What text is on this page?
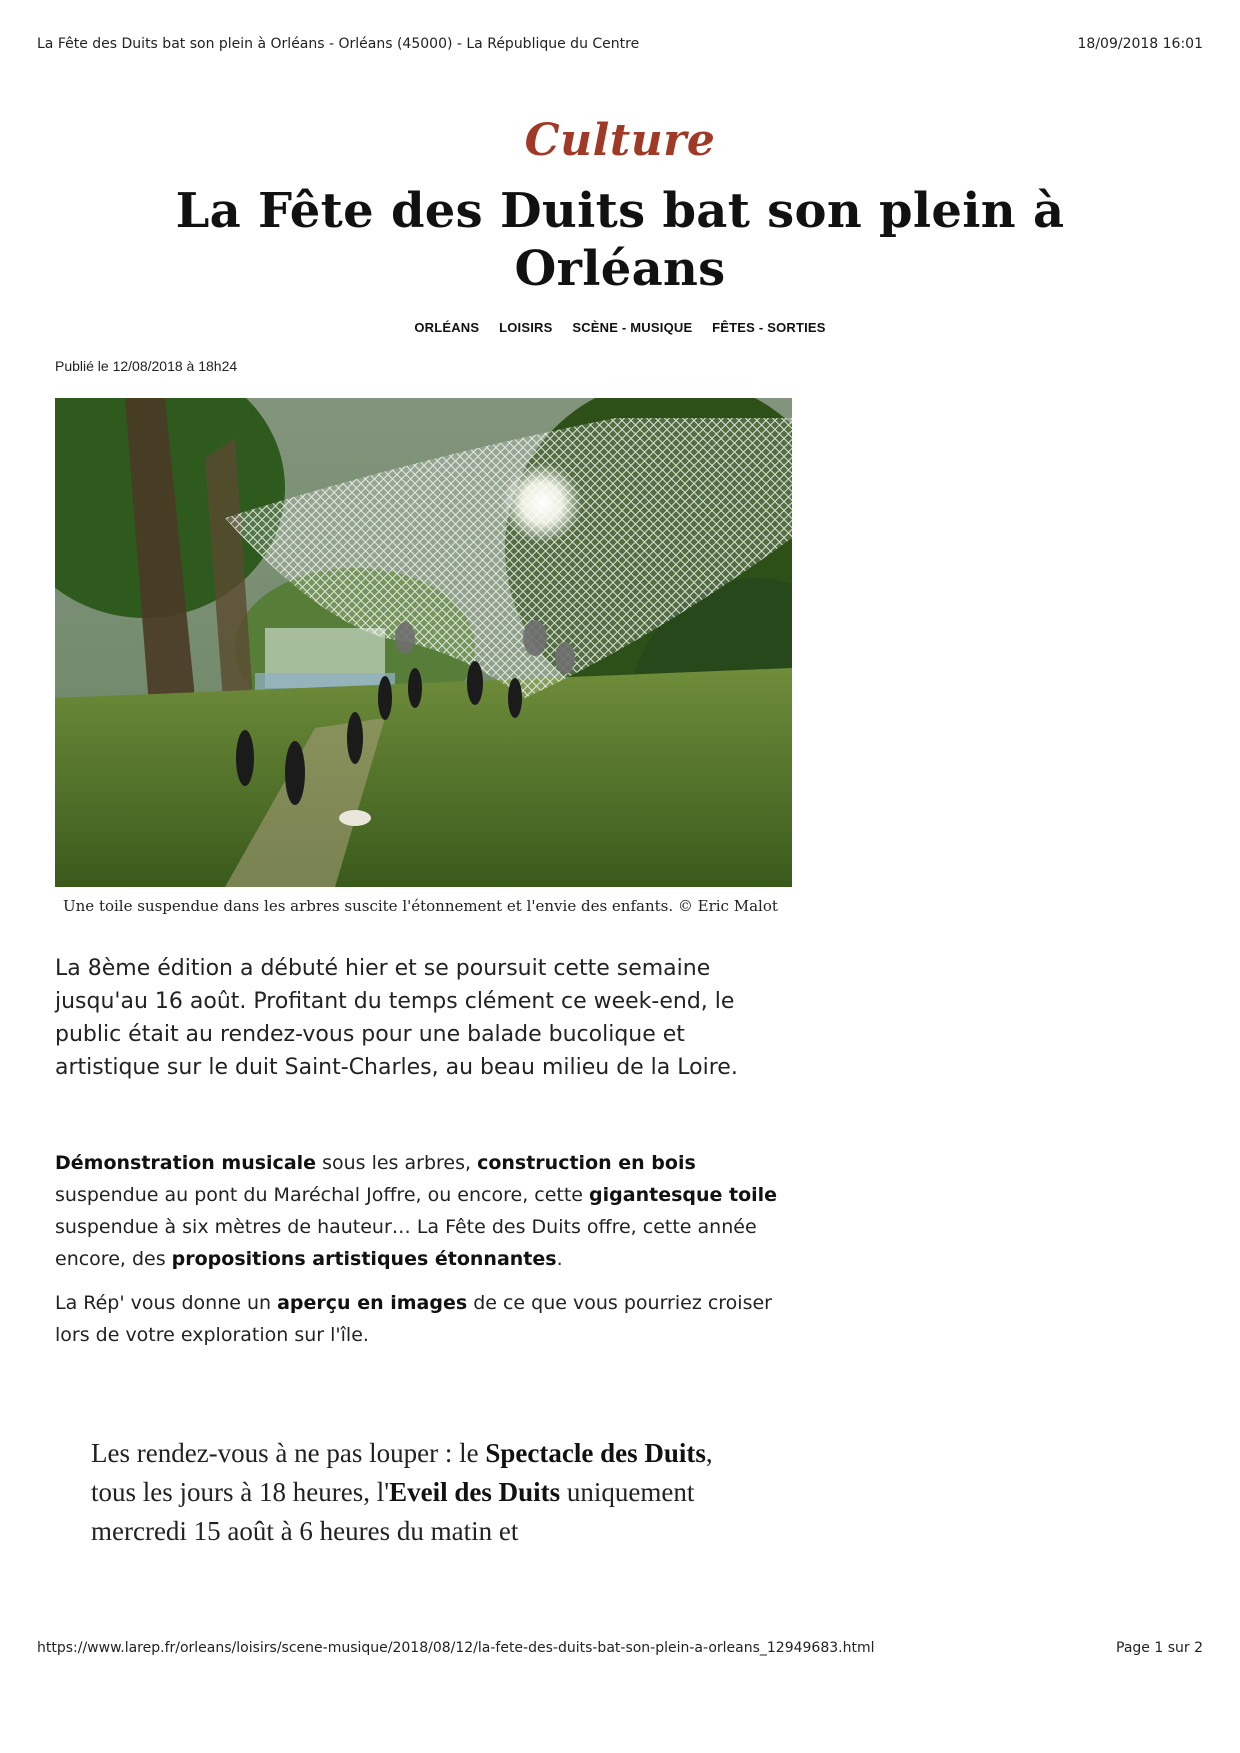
La Fête des Duits bat son plein à Orléans - Orléans (45000) - La République du Centre	18/09/2018 16:01
Culture
La Fête des Duits bat son plein à Orléans
ORLÉANS LOISIRS SCÈNE - MUSIQUE FÊTES - SORTIES
Publié le 12/08/2018 à 18h24
Une toile suspendue dans les arbres suscite l'étonnement et l'envie des enfants. © Eric Malot

La 8ème édition a débuté hier et se poursuit cette semaine jusqu'au 16 août. Profitant du temps clément ce week-end, le public était au rendez-vous pour une balade bucolique et artistique sur le duit Saint-Charles, au beau milieu de la Loire.

Démonstration musicale sous les arbres, construction en bois suspendue au pont du Maréchal Joffre, ou encore, cette gigantesque toile suspendue à six mètres de hauteur… La Fête des Duits offre, cette année encore, des propositions artistiques étonnantes.

La Rép' vous donne un aperçu en images de ce que vous pourriez croiser lors de votre exploration sur l'île.

Les rendez-vous à ne pas louper : le Spectacle des Duits, tous les jours à 18 heures, l'Eveil des Duits uniquement mercredi 15 août à 6 heures du matin et

https://www.larep.fr/orleans/loisirs/scene-musique/2018/08/12/la-fete-des-duits-bat-son-plein-a-orleans_12949683.html	Page 1 sur 2
